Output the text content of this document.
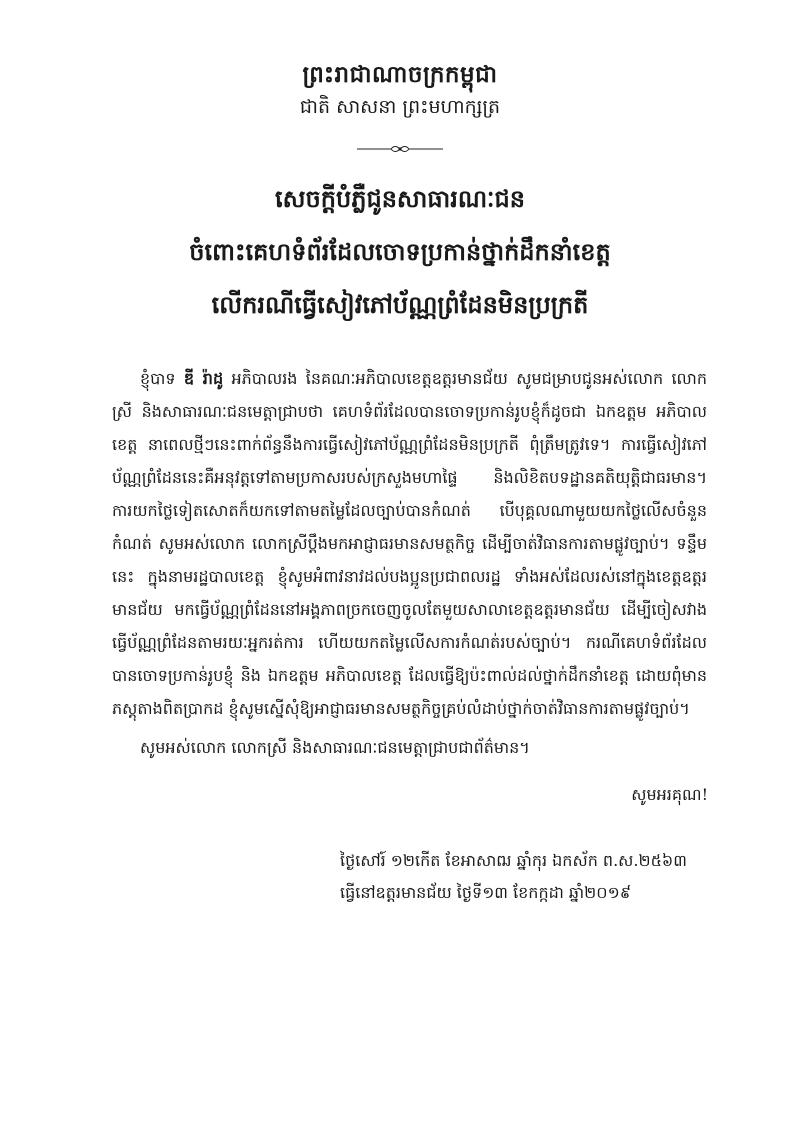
ព្រះរាជាណាចក្រកម្ពុជា
ជាតិ សាសនា ព្រះមហាក្សត្រ
សេចក្តីបំភ្លឺជូនសាធារណៈជន
ចំពោះគេហទំព័រដែលចោទប្រកាន់ថ្នាក់ដឹកនាំខេត្ត
លើករណីធ្វើសៀវភៅប័ណ្ណព្រំដែនមិនប្រក្រតី

ខ្ញុំបាទ ឌី រ៉ាដូ អភិបាលរង នៃគណៈអភិបាលខេត្តឧត្តរមានជ័យ សូមជម្រាបជូនអស់លោក លោកស្រី និងសាធារណៈជនមេត្តាជ្រាបថា គេហទំព័រដែលបានចោទប្រកាន់រូបខ្ញុំក៏ដូចជា ឯកឧត្តម អភិបាលខេត្ត នាពេលថ្មីៗនេះពាក់ព័ន្ធនឹងការធ្វើសៀវភៅប័ណ្ណព្រំដែនមិនប្រក្រតី ពុំត្រឹមត្រូវទេ។ ការធ្វើសៀវភៅប័ណ្ណព្រំដែននេះគឺអនុវត្តទៅតាមប្រកាសរបស់ក្រសួងមហាផ្ទៃ និងលិខិតបទដ្ឋានគតិយុត្តិជាធរមាន។ ការយកថ្លៃទៀតសោតក៏យកទៅតាមតម្លៃដែលច្បាប់បានកំណត់ បើបុគ្គលណាមួយយកថ្លៃលើសចំនួនកំណត់ សូមអស់លោក លោកស្រីប្តឹងមកអាជ្ញាធរមានសមត្ថកិច្ច ដើម្បីចាត់វិធានការតាមផ្លូវច្បាប់។ ទន្ទឹមនេះ ក្នុងនាមរដ្ឋបាលខេត្ត ខ្ញុំសូមអំពាវនាវដល់បងប្អូនប្រជាពលរដ្ឋ ទាំងអស់ដែលរស់នៅក្នុងខេត្តឧត្តរមានជ័យ មកធ្វើប័ណ្ណព្រំដែននៅអង្គភាពច្រកចេញចូលតែមួយសាលាខេត្តឧត្តរមានជ័យ ដើម្បីចៀសវាងធ្វើប័ណ្ណព្រំដែនតាមរយៈអ្នករត់ការ ហើយយកតម្លៃលើសការកំណត់របស់ច្បាប់។ ករណីគេហទំព័រដែលបានចោទប្រកាន់រូបខ្ញុំ និង ឯកឧត្តម អភិបាលខេត្ត ដែលធ្វើឱ្យប៉ះពាល់ដល់ថ្នាក់ដឹកនាំខេត្ត ដោយពុំមានភស្តុតាងពិតប្រាកដ ខ្ញុំសូមស្នើសុំឱ្យអាជ្ញាធរមានសមត្ថកិច្ចគ្រប់លំដាប់ថ្នាក់ចាត់វិធានការតាមផ្លូវច្បាប់។

សូមអស់លោក លោកស្រី និងសាធារណៈជនមេត្តាជ្រាបជាព័ត៌មាន។
សូមអរគុណ!
ថ្ងៃសៅរ៍ ១២កើត ខែអាសាឍ ឆ្នាំកុរ ឯកស័ក ព.ស.២៥៦៣
ធ្វើនៅឧត្តរមានជ័យ ថ្ងៃទី១៣ ខែកក្កដា ឆ្នាំ២០១៩
